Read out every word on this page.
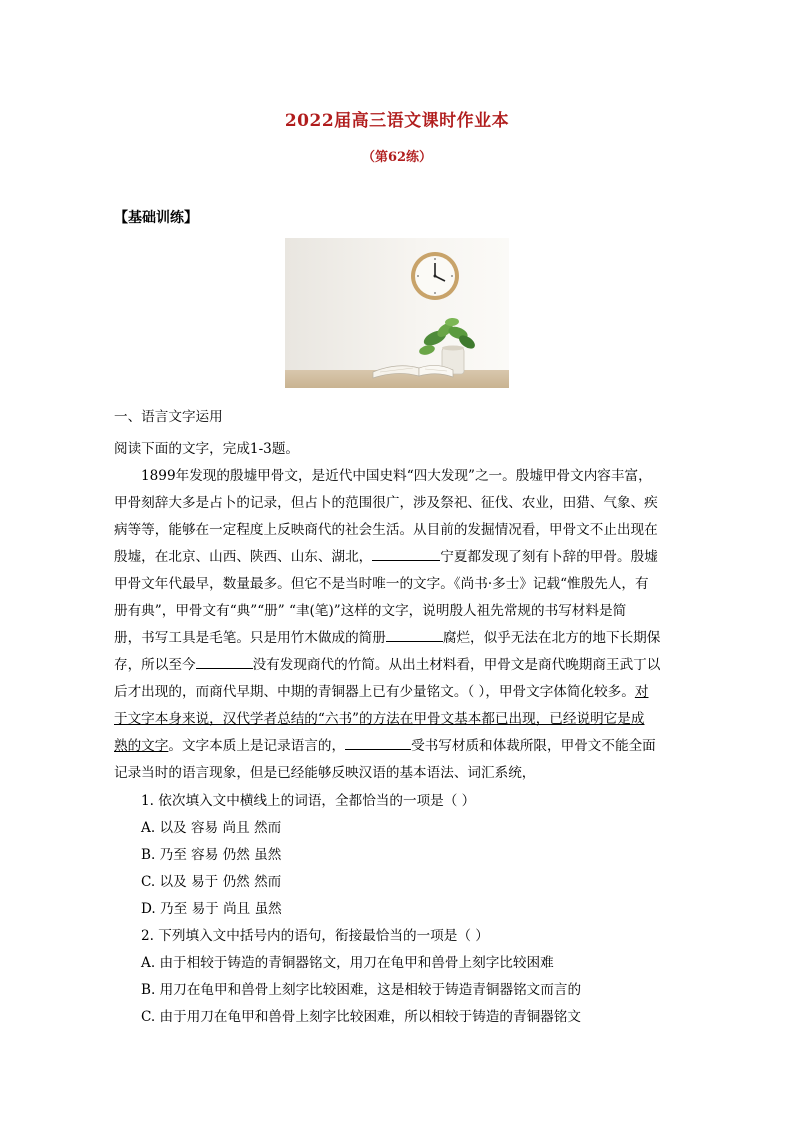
2022届高三语文课时作业本
（第62练）
【基础训练】
一、语言文字运用
阅读下面的文字，完成1-3题。
1899年发现的殷墟甲骨文，是近代中国史料“四大发现”之一。殷墟甲骨文内容丰富，
甲骨刻辞大多是占卜的记录，但占卜的范围很广，涉及祭祀、征伐、农业，田猎、气象、疾
病等等，能够在一定程度上反映商代的社会生活。从目前的发掘情况看，甲骨文不止出现在
殷墟，在北京、山西、陕西、山东、湖北，	宁夏都发现了刻有卜辞的甲骨。殷墟
甲骨文年代最早，数量最多。但它不是当时唯一的文字。《尚书·多士》记载“惟殷先人，有
册有典”，甲骨文有“典”“册” “聿(笔)”这样的文字，说明殷人祖先常规的书写材料是简
册，书写工具是毛笔。只是用竹木做成的简册	腐烂，似乎无法在北方的地下长期保
存，所以至今	没有发现商代的竹简。从出土材料看，甲骨文是商代晚期商王武丁以
后才出现的，而商代早期、中期的青铜器上已有少量铭文。（ ），甲骨文字体简化较多。对
于文字本身来说，汉代学者总结的“六书”的方法在甲骨文基本都已出现，已经说明它是成
熟的文字。文字本质上是记录语言的，	受书写材质和体裁所限，甲骨文不能全面
记录当时的语言现象，但是已经能够反映汉语的基本语法、词汇系统，
1. 依次填入文中横线上的词语，全都恰当的一项是（ ）
A. 以及 容易 尚且 然而
B. 乃至 容易 仍然 虽然
C. 以及 易于 仍然 然而
D. 乃至 易于 尚且 虽然
2. 下列填入文中括号内的语句，衔接最恰当的一项是（ ）
A. 由于相较于铸造的青铜器铭文，用刀在龟甲和兽骨上刻字比较困难
B. 用刀在龟甲和兽骨上刻字比较困难，这是相较于铸造青铜器铭文而言的
C. 由于用刀在龟甲和兽骨上刻字比较困难，所以相较于铸造的青铜器铭文
